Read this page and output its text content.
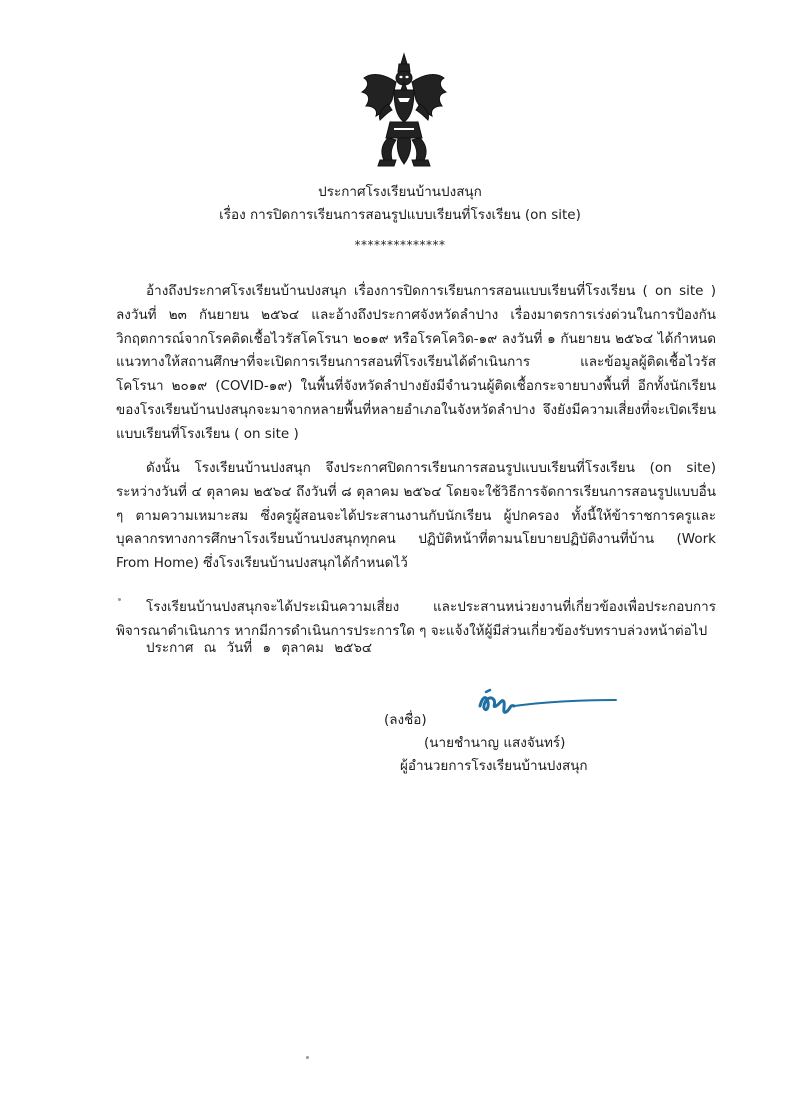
ประกาศโรงเรียนบ้านปงสนุก
เรื่อง การปิดการเรียนการสอนรูปแบบเรียนที่โรงเรียน (on site)
**************
อ้างถึงประกาศโรงเรียนบ้านปงสนุก เรื่องการปิดการเรียนการสอนแบบเรียนที่โรงเรียน ( on site ) ลงวันที่ ๒๓ กันยายน ๒๕๖๔ และอ้างถึงประกาศจังหวัดลำปาง เรื่องมาตรการเร่งด่วนในการป้องกันวิกฤตการณ์จากโรคติดเชื้อไวรัสโคโรนา ๒๐๑๙ หรือโรคโควิด-๑๙ ลงวันที่ ๑ กันยายน ๒๕๖๔ ได้กำหนดแนวทางให้สถานศึกษาที่จะเปิดการเรียนการสอนที่โรงเรียนได้ดำเนินการ และข้อมูลผู้ติดเชื้อไวรัสโคโรนา ๒๐๑๙ (COVID-๑๙) ในพื้นที่จังหวัดลำปางยังมีจำนวนผู้ติดเชื้อกระจายบางพื้นที่ อีกทั้งนักเรียนของโรงเรียนบ้านปงสนุกจะมาจากหลายพื้นที่หลายอำเภอในจังหวัดลำปาง จึงยังมีความเสี่ยงที่จะเปิดเรียนแบบเรียนที่โรงเรียน ( on site )
ดังนั้น โรงเรียนบ้านปงสนุก จึงประกาศปิดการเรียนการสอนรูปแบบเรียนที่โรงเรียน (on site) ระหว่างวันที่ ๔ ตุลาคม ๒๕๖๔ ถึงวันที่ ๘ ตุลาคม ๒๕๖๔ โดยจะใช้วิธีการจัดการเรียนการสอนรูปแบบอื่น ๆ ตามความเหมาะสม ซึ่งครูผู้สอนจะได้ประสานงานกับนักเรียน ผู้ปกครอง ทั้งนี้ให้ข้าราชการครูและบุคลากรทางการศึกษาโรงเรียนบ้านปงสนุกทุกคน ปฏิบัติหน้าที่ตามนโยบายปฏิบัติงานที่บ้าน (Work From Home) ซึ่งโรงเรียนบ้านปงสนุกได้กำหนดไว้
โรงเรียนบ้านปงสนุกจะได้ประเมินความเสี่ยง และประสานหน่วยงานที่เกี่ยวข้องเพื่อประกอบการพิจารณาดำเนินการ หากมีการดำเนินการประการใด ๆ จะแจ้งให้ผู้มีส่วนเกี่ยวข้องรับทราบล่วงหน้าต่อไป
ประกาศ ณ วันที่ ๑ ตุลาคม ๒๕๖๔
(ลงชื่อ)
(นายชำนาญ แสงจันทร์)
ผู้อำนวยการโรงเรียนบ้านปงสนุก
